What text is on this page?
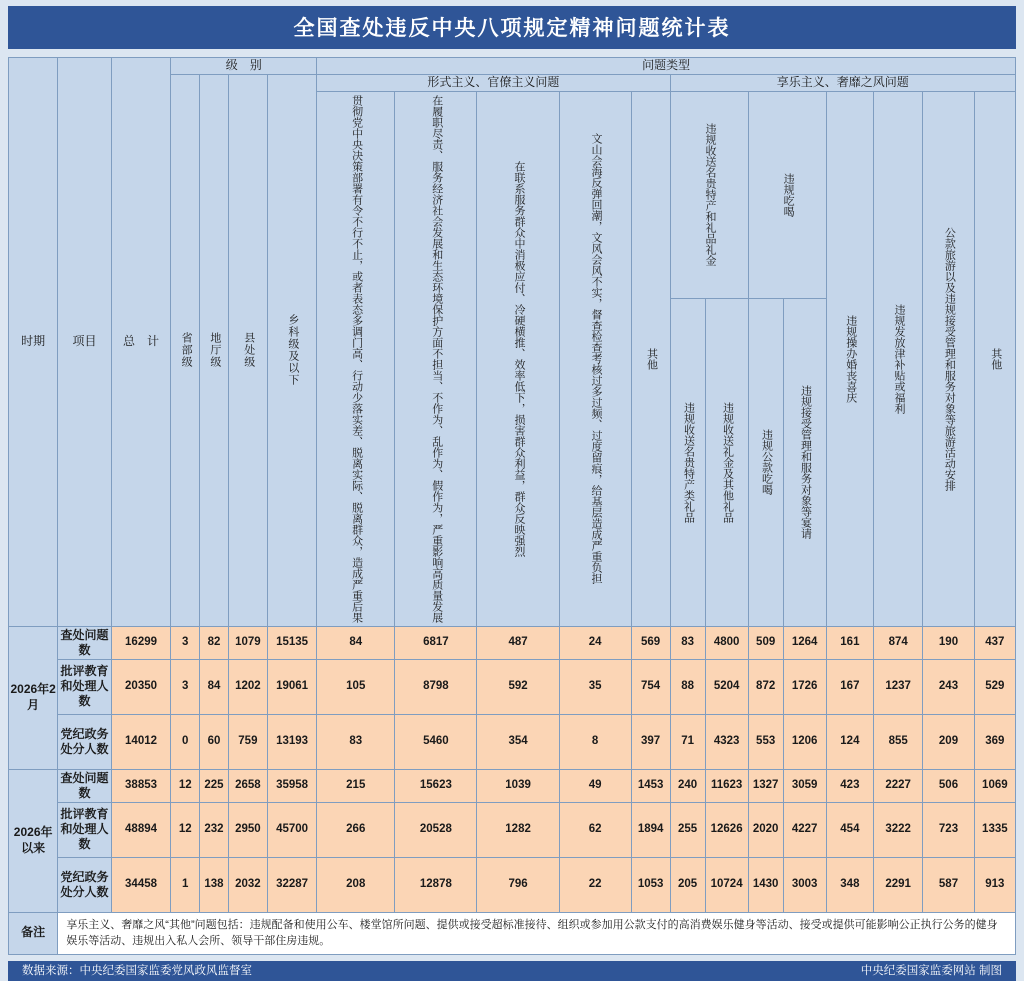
全国查处违反中央八项规定精神问题统计表
时期	项目	总　计	级　别				问题类型												

			省部级	地厅级	县处级	乡科级及以下	形式主义、官僚主义问题					享乐主义、奢靡之风问题							

							贯彻党中央决策部署有令不行不止，或者表态多调门高、行动少落实差、脱离实际、脱离群众，造成严重后果	在履职尽责、服务经济社会发展和生态环境保护方面不担当、不作为、乱作为、假作为，严重影响高质量发展	在联系服务群众中消极应付、冷硬横推、效率低下，损害群众利益，群众反映强烈	文山会海反弹回潮，文风会风不实，督查检查考核过多过频、过度留痕，给基层造成严重负担	其他	违规收送名贵特产和礼品礼金		违规吃喝		违规操办婚丧喜庆	违规发放津补贴或福利	公款旅游以及违规接受管理和服务对象等旅游活动安排	其他

												违规收送名贵特产类礼品	违规收送礼金及其他礼品	违规公款吃喝	违规接受管理和服务对象等宴请				

2026年2月	查处问题数	16299	3	82	1079	15135	84	6817	487	24	569	83	4800	509	1264	161	874	190	437
	批评教育和处理人数	20350	3	84	1202	19061	105	8798	592	35	754	88	5204	872	1726	167	1237	243	529
	党纪政务处分人数	14012	0	60	759	13193	83	5460	354	8	397	71	4323	553	1206	124	855	209	369
2026年以来	查处问题数	38853	12	225	2658	35958	215	15623	1039	49	1453	240	11623	1327	3059	423	2227	506	1069
	批评教育和处理人数	48894	12	232	2950	45700	266	20528	1282	62	1894	255	12626	2020	4227	454	3222	723	1335
	党纪政务处分人数	34458	1	138	2032	32287	208	12878	796	22	1053	205	10724	1430	3003	348	2291	587	913
备注	享乐主义、奢靡之风“其他”问题包括：违规配备和使用公车、楼堂馆所问题、提供或接受超标准接待、组织或参加用公款支付的高消费娱乐健身等活动、接受或提供可能影响公正执行公务的健身娱乐等活动、违规出入私人会所、领导干部住房违规。																		

数据来源：中央纪委国家监委党风政风监督室	中央纪委国家监委网站 制图
